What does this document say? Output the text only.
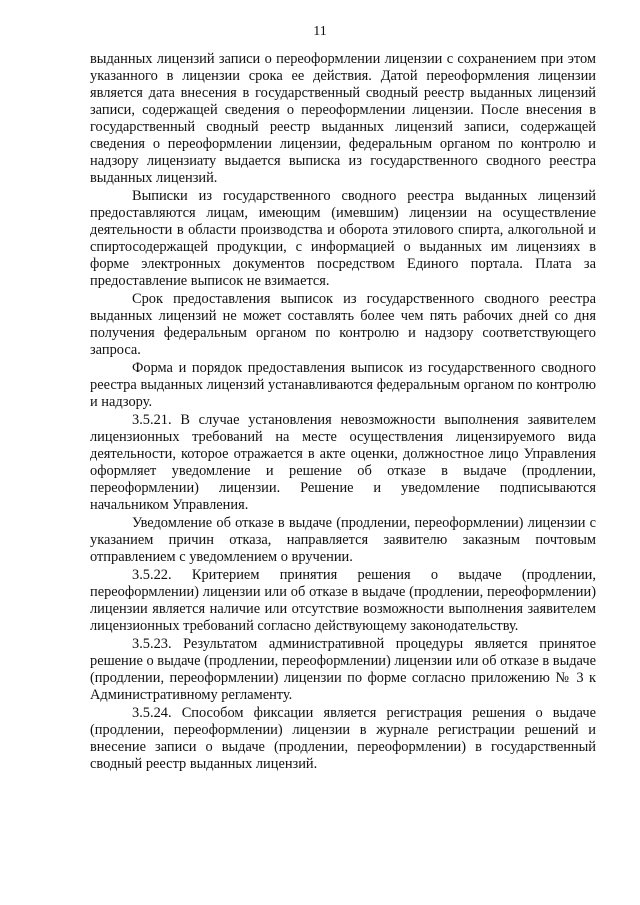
11

выданных лицензий записи о переоформлении лицензии с сохранением при этом указанного в лицензии срока ее действия. Датой переоформления лицензии является дата внесения в государственный сводный реестр выданных лицензий записи, содержащей сведения о переоформлении лицензии. После внесения в государственный сводный реестр выданных лицензий записи, содержащей сведения о переоформлении лицензии, федеральным органом по контролю и надзору лицензиату выдается выписка из государственного сводного реестра выданных лицензий.

Выписки из государственного сводного реестра выданных лицензий предоставляются лицам, имеющим (имевшим) лицензии на осуществление деятельности в области производства и оборота этилового спирта, алкогольной и спиртосодержащей продукции, с информацией о выданных им лицензиях в форме электронных документов посредством Единого портала. Плата за предоставление выписок не взимается.

Срок предоставления выписок из государственного сводного реестра выданных лицензий не может составлять более чем пять рабочих дней со дня получения федеральным органом по контролю и надзору соответствующего запроса.

Форма и порядок предоставления выписок из государственного сводного реестра выданных лицензий устанавливаются федеральным органом по контролю и надзору.

3.5.21. В случае установления невозможности выполнения заявителем лицензионных требований на месте осуществления лицензируемого вида деятельности, которое отражается в акте оценки, должностное лицо Управления оформляет уведомление и решение об отказе в выдаче (продлении, переоформлении) лицензии. Решение и уведомление подписываются начальником Управления.

Уведомление об отказе в выдаче (продлении, переоформлении) лицензии с указанием причин отказа, направляется заявителю заказным почтовым отправлением с уведомлением о вручении.

3.5.22. Критерием принятия решения о выдаче (продлении, переоформлении) лицензии или об отказе в выдаче (продлении, переоформлении) лицензии является наличие или отсутствие возможности выполнения заявителем лицензионных требований согласно действующему законодательству.

3.5.23. Результатом административной процедуры является принятое решение о выдаче (продлении, переоформлении) лицензии или об отказе в выдаче (продлении, переоформлении) лицензии по форме согласно приложению № 3 к Административному регламенту.

3.5.24. Способом фиксации является регистрация решения о выдаче (продлении, переоформлении) лицензии в журнале регистрации решений и внесение записи о выдаче (продлении, переоформлении) в государственный сводный реестр выданных лицензий.
